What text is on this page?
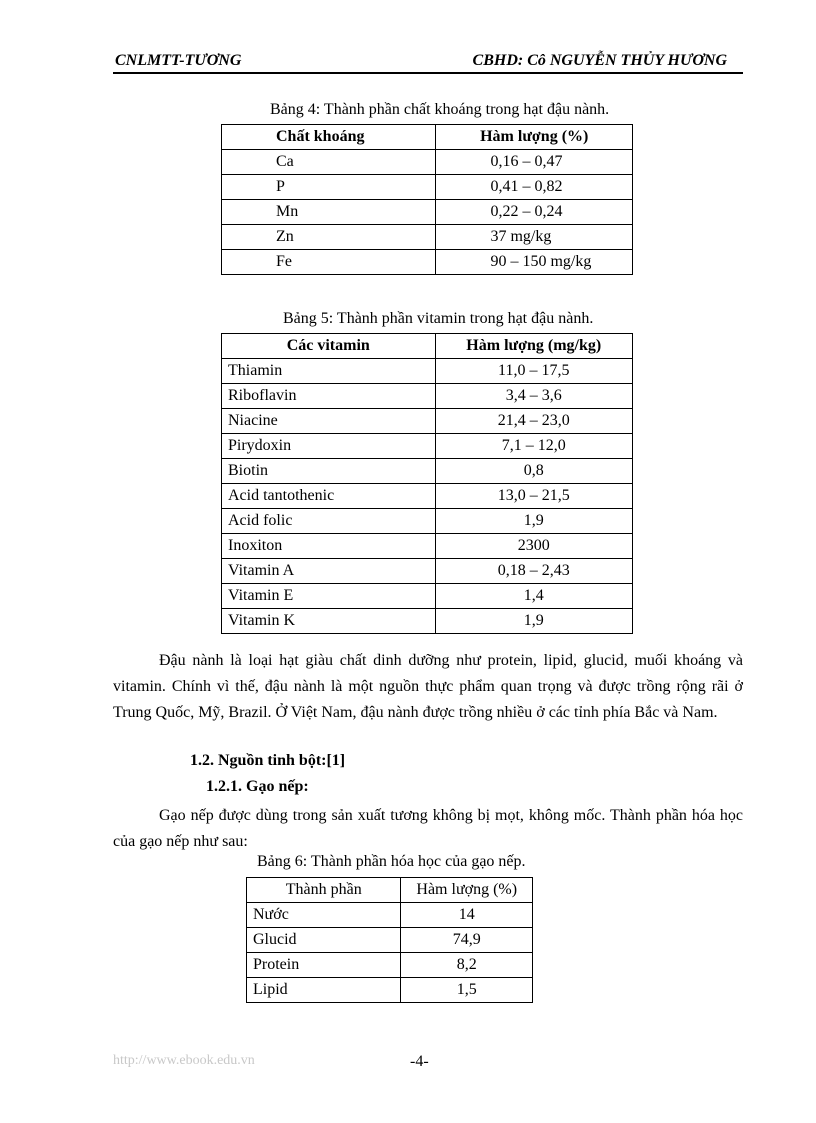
CNLMTT-TƯƠNG	CBHD: Cô NGUYỄN THỦY HƯƠNG
Bảng 4: Thành phần chất khoáng trong hạt đậu nành.
Chất khoáng	Hàm lượng (%)
Ca	0,16 – 0,47
P	0,41 – 0,82
Mn	0,22 – 0,24
Zn	37 mg/kg
Fe	90 – 150 mg/kg
Bảng 5: Thành phần vitamin trong hạt đậu nành.
Các vitamin	Hàm lượng (mg/kg)
Thiamin	11,0 – 17,5
Riboflavin	3,4 – 3,6
Niacine	21,4 – 23,0
Pirydoxin	7,1 – 12,0
Biotin	0,8
Acid tantothenic	13,0 – 21,5
Acid folic	1,9
Inoxiton	2300
Vitamin A	0,18 – 2,43
Vitamin E	1,4
Vitamin K	1,9
Đậu nành là loại hạt giàu chất dinh dưỡng như protein, lipid, glucid, muối khoáng và vitamin. Chính vì thế, đậu nành là một nguồn thực phẩm quan trọng và được trồng rộng rãi ở Trung Quốc, Mỹ, Brazil. Ở Việt Nam, đậu nành được trồng nhiều ở các tỉnh phía Bắc và Nam.
1.2. Nguồn tinh bột:[1]
1.2.1. Gạo nếp:
Gạo nếp được dùng trong sản xuất tương không bị mọt, không mốc. Thành phần hóa học của gạo nếp như sau:
Bảng 6: Thành phần hóa học của gạo nếp.
Thành phần	Hàm lượng (%)
Nước	14
Glucid	74,9
Protein	8,2
Lipid	1,5
http://www.ebook.edu.vn	-4-
